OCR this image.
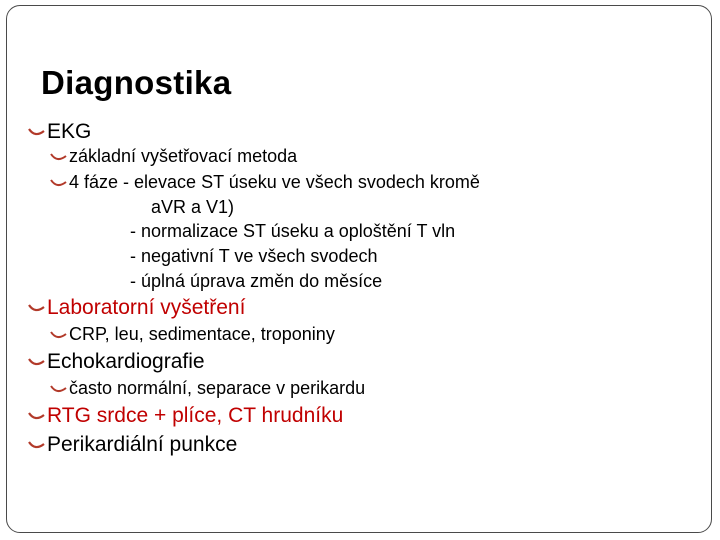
Diagnostika
EKG
základní vyšetřovací metoda
4 fáze - elevace ST úseku ve všech svodech kromě
aVR a V1)
- normalizace ST úseku a oploštění T vln
- negativní T ve všech svodech
- úplná úprava změn do měsíce
Laboratorní vyšetření
CRP, leu, sedimentace, troponiny
Echokardiografie
často normální, separace v perikardu
RTG srdce + plíce, CT hrudníku
Perikardiální punkce
